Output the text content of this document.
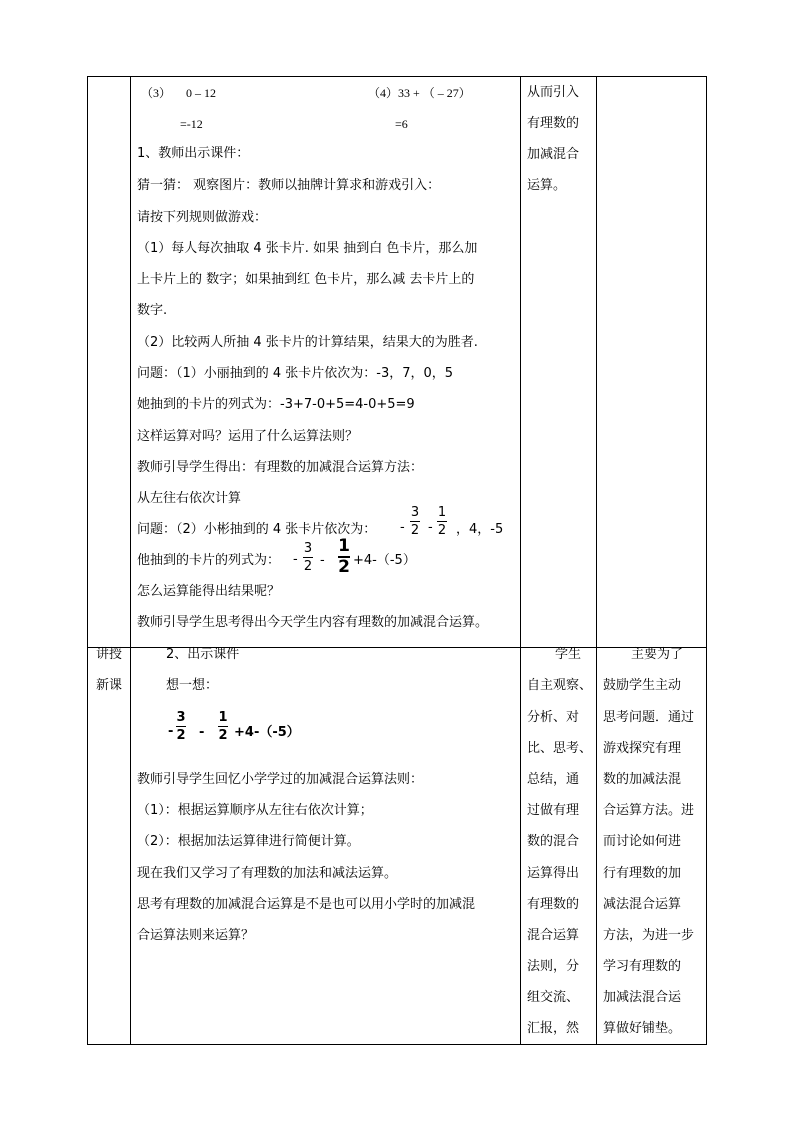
（3） 0 – 12	（4）33 + （ – 27）
=-12	=6
1、教师出示课件：
猜一猜： 观察图片：教师以抽牌计算求和游戏引入：
请按下列规则做游戏：
（1）每人每次抽取 4 张卡片. 如果 抽到白 色卡片，那么加
上卡片上的 数字；如果抽到红 色卡片，那么减 去卡片上的
数字.
（2）比较两人所抽 4 张卡片的计算结果，结果大的为胜者.
问题：（1）小丽抽到的 4 张卡片依次为：-3，7，0，5
她抽到的卡片的列式为：-3+7-0+5=4-0+5=9
这样运算对吗？运用了什么运算法则？
教师引导学生得出：有理数的加减混合运算方法：
从左往右依次计算
问题：（2）小彬抽到的 4 张卡片依次为： -
3
2 -
1
2 ，4，-5
他抽到的卡片的列式为： -
3
2 -
1
2 +4-（-5）
怎么运算能得出结果呢？
教师引导学生思考得出今天学生内容有理数的加减混合运算。
从而引入
有理数的
加减混合
运算。
讲授
新课
2、出示课件
想一想：
-
3
2 -
1
2 +4-（-5）
教师引导学生回忆小学学过的加减混合运算法则：
（1）：根据运算顺序从左往右依次计算；
（2）：根据加法运算律进行简便计算。
现在我们又学习了有理数的加法和减法运算。
思考有理数的加减混合运算是不是也可以用小学时的加减混
合运算法则来运算？
学生
自主观察、
分析、对
比、思考、
总结，通
过做有理
数的混合
运算得出
有理数的
混合运算
法则，分
组交流、
汇报，然
主要为了
鼓励学生主动
思考问题．通过
游戏探究有理
数的加减法混
合运算方法。进
而讨论如何进
行有理数的加
减法混合运算
方法，为进一步
学习有理数的
加减法混合运
算做好铺垫。
